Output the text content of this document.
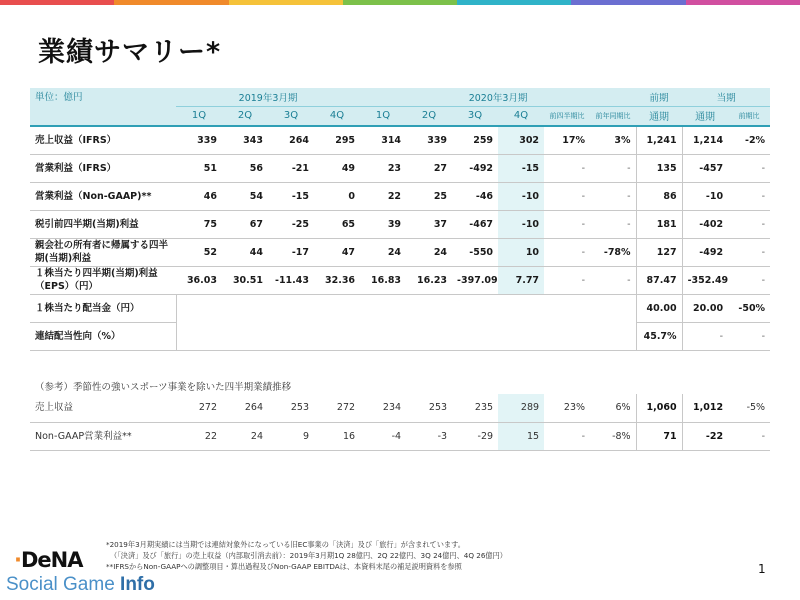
業績サマリー*
単位：億円	2019年3月期				2020年3月期						前期	当期	
	1Q	2Q	3Q	4Q	1Q	2Q	3Q	4Q	前四半期比	前年同期比	通期	通期	前期比
売上収益（IFRS）	339	343	264	295	314	339	259	302	17%	3%	1,241	1,214	-2%
営業利益（IFRS）	51	56	-21	49	23	27	-492	-15	-	-	135	-457	-
営業利益（Non-GAAP)**	46	54	-15	0	22	25	-46	-10	-	-	86	-10	-
税引前四半期(当期)利益	75	67	-25	65	39	37	-467	-10	-	-	181	-402	-
親会社の所有者に帰属する四半期(当期)利益	52	44	-17	47	24	24	-550	10	-	-78%	127	-492	-
１株当たり四半期(当期)利益（EPS）（円）	36.03	30.51	-11.43	32.36	16.83	16.23	-397.09	7.77	-	-	87.47	-352.49	-
１株当たり配当金（円）											40.00	20.00	-50%
連結配当性向（%）											45.7%	-	-

（参考）季節性の強いスポーツ事業を除いた四半期業績推移													
売上収益	272	264	253	272	234	253	235	289	23%	6%	1,060	1,012	-5%
Non-GAAP営業利益**	22	24	9	16	-4	-3	-29	15	-	-8%	71	-22	-
*2019年3月期実績には当期では連結対象外になっている旧EC事業の「決済」及び「旅行」が含まれています。
（「決済」及び「旅行」の売上収益（内部取引消去前）：2019年3月期1Q 28億円、2Q 22億円、3Q 24億円、4Q 26億円）
**IFRSからNon-GAAPへの調整項目・算出過程及びNon-GAAP EBITDAは、本資料末尾の補足説明資料を参照
·DeNA
Social Game Info
1
